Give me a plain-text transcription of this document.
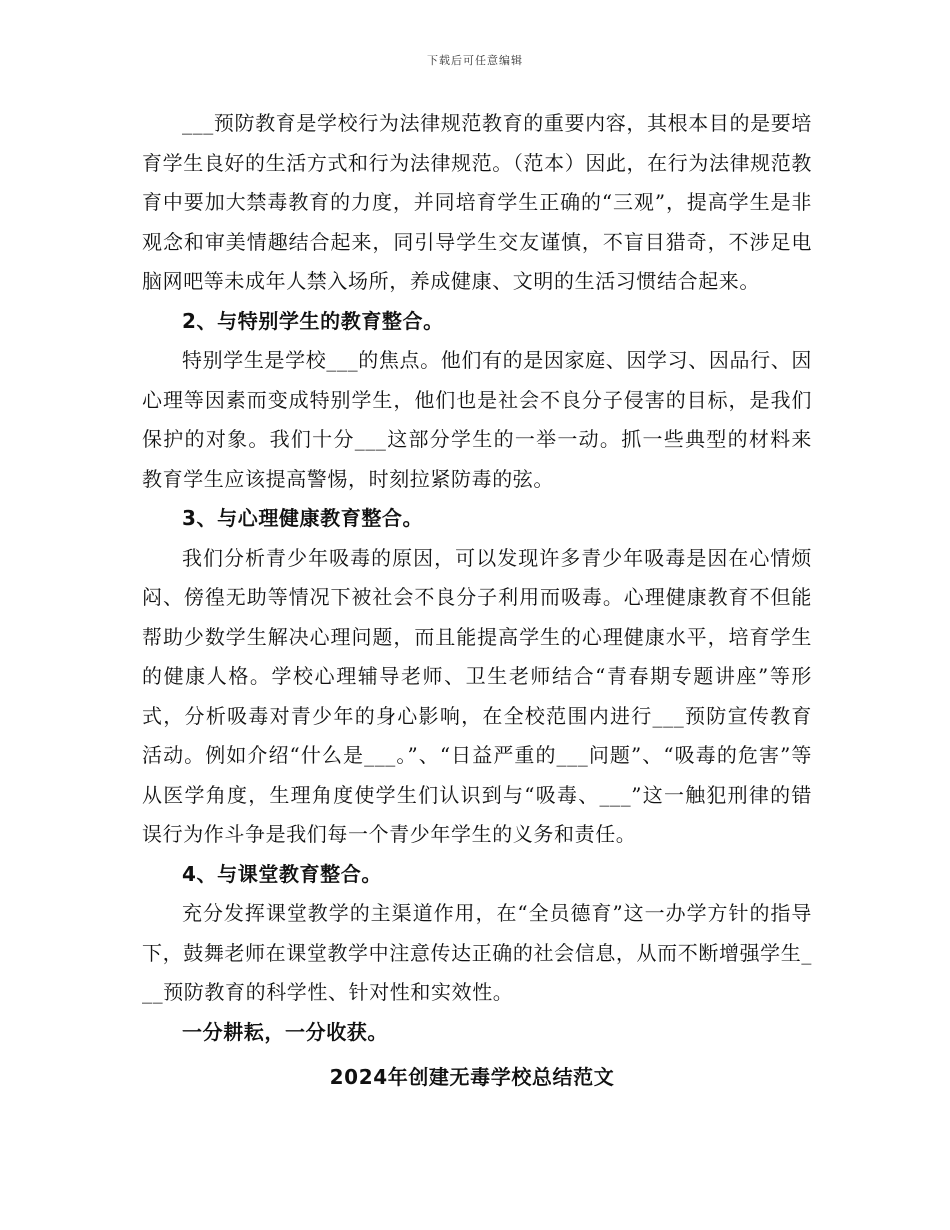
下载后可任意编辑

___预防教育是学校行为法律规范教育的重要内容，其根本目的是要培育学生良好的生活方式和行为法律规范。（范本）因此，在行为法律规范教育中要加大禁毒教育的力度，并同培育学生正确的“三观”，提高学生是非观念和审美情趣结合起来，同引导学生交友谨慎，不盲目猎奇，不涉足电脑网吧等未成年人禁入场所，养成健康、文明的生活习惯结合起来。

2、与特别学生的教育整合。

特别学生是学校___的焦点。他们有的是因家庭、因学习、因品行、因心理等因素而变成特别学生，他们也是社会不良分子侵害的目标，是我们保护的对象。我们十分___这部分学生的一举一动。抓一些典型的材料来教育学生应该提高警惕，时刻拉紧防毒的弦。

3、与心理健康教育整合。

我们分析青少年吸毒的原因，可以发现许多青少年吸毒是因在心情烦闷、傍徨无助等情况下被社会不良分子利用而吸毒。心理健康教育不但能帮助少数学生解决心理问题，而且能提高学生的心理健康水平，培育学生的健康人格。学校心理辅导老师、卫生老师结合“青春期专题讲座”等形式，分析吸毒对青少年的身心影响，在全校范围内进行___预防宣传教育活动。例如介绍“什么是___。”、“日益严重的___问题”、“吸毒的危害”等从医学角度，生理角度使学生们认识到与“吸毒、___”这一触犯刑律的错误行为作斗争是我们每一个青少年学生的义务和责任。

4、与课堂教育整合。

充分发挥课堂教学的主渠道作用，在“全员德育”这一办学方针的指导下，鼓舞老师在课堂教学中注意传达正确的社会信息，从而不断增强学生___预防教育的科学性、针对性和实效性。

一分耕耘，一分收获。

2024年创建无毒学校总结范文
